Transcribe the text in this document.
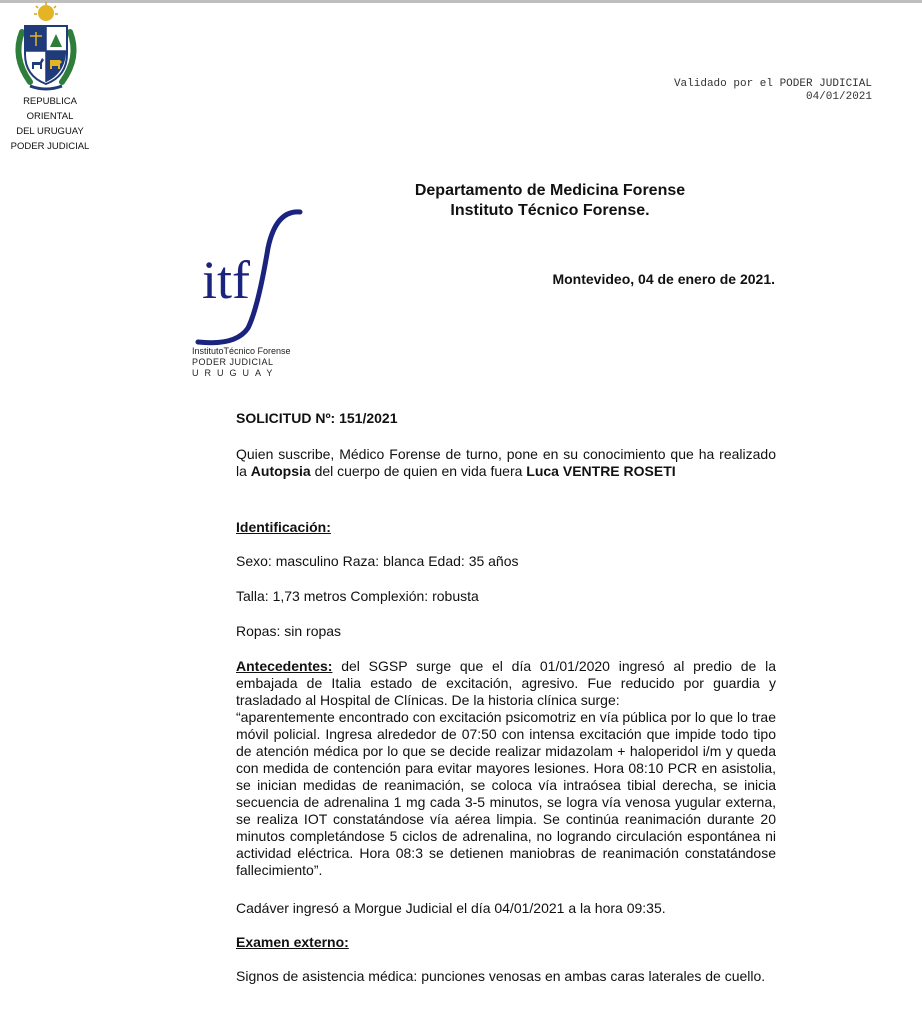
REPUBLICA ORIENTAL
DEL URUGUAY
PODER JUDICIAL
Validado por el PODER JUDICIAL
04/01/2021
Departamento de Medicina Forense
Instituto Técnico Forense.
itf
InstitutoTécnico Forense
PODER JUDICIAL
URUGUAY
Montevideo, 04 de enero de 2021.
SOLICITUD Nº: 151/2021
Quien suscribe, Médico Forense de turno, pone en su conocimiento que ha realizado la Autopsia del cuerpo de quien en vida fuera Luca VENTRE ROSETI
Identificación:
Sexo: masculino Raza: blanca Edad: 35 años
Talla: 1,73 metros Complexión: robusta
Ropas: sin ropas
Antecedentes: del SGSP surge que el día 01/01/2020 ingresó al predio de la embajada de Italia estado de excitación, agresivo. Fue reducido por guardia y trasladado al Hospital de Clínicas. De la historia clínica surge:
“aparentemente encontrado con excitación psicomotriz en vía pública por lo que lo trae móvil policial. Ingresa alrededor de 07:50 con intensa excitación que impide todo tipo de atención médica por lo que se decide realizar midazolam + haloperidol i/m y queda con medida de contención para evitar mayores lesiones. Hora 08:10 PCR en asistolia, se inician medidas de reanimación, se coloca vía intraósea tibial derecha, se inicia secuencia de adrenalina 1 mg cada 3-5 minutos, se logra vía venosa yugular externa, se realiza IOT constatándose vía aérea limpia. Se continúa reanimación durante 20 minutos completándose 5 ciclos de adrenalina, no logrando circulación espontánea ni actividad eléctrica. Hora 08:3 se detienen maniobras de reanimación constatándose fallecimiento”.
Cadáver ingresó a Morgue Judicial el día 04/01/2021 a la hora 09:35.
Examen externo:
Signos de asistencia médica: punciones venosas en ambas caras laterales de cuello.
